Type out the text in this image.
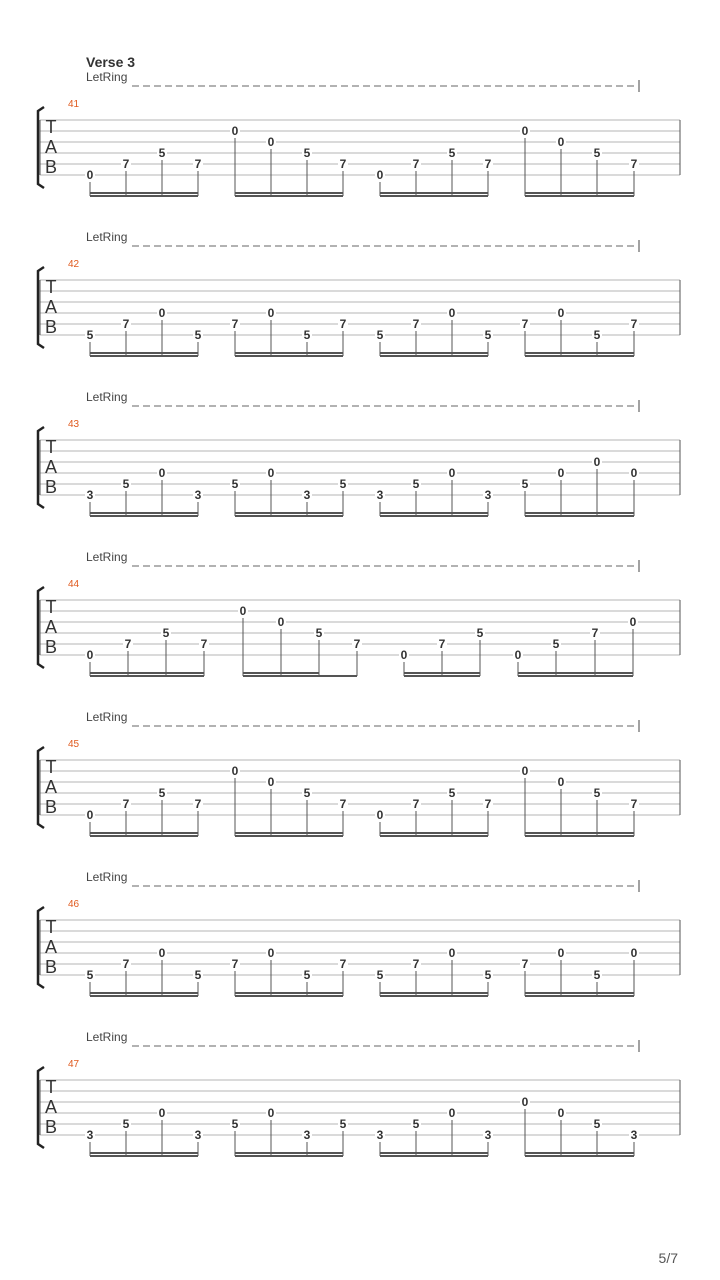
Verse 3
LetRing
41
T
A
B 0
7
5
7
0
0
5
7
0
7
5
7
0
0
5
7
LetRing
42
T
A
B 5
7
0
5
7
0
5
7
5
7
0
5
7
0
5
7
LetRing
43
T
A
B 3
5
0
3
5
0
3
5
3
5
0
3
5
0
0
0
LetRing
44
T
A
B 0
7
5
7
0
0
5
7
0
7
5
0
5
7
0
LetRing
45
T
A
B 0
7
5
7
0
0
5
7
0
7
5
7
0
0
5
7
LetRing
46
T
A
B 5
7
0
5
7
0
5
7
5
7
0
5
7
0
5
0
LetRing
47
T
A
B 3
5
0
3
5
0
3
5
3
5
0
3
0
0
5
3
5/7
